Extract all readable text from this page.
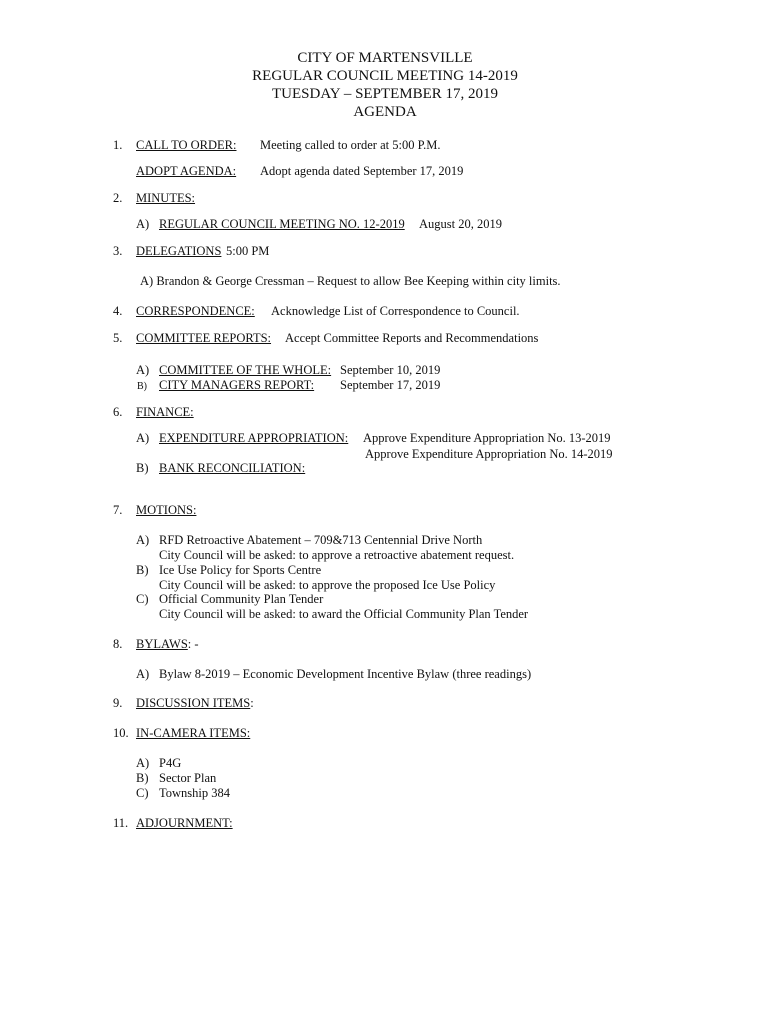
CITY OF MARTENSVILLE
REGULAR COUNCIL MEETING 14-2019
TUESDAY – SEPTEMBER 17, 2019
AGENDA
1. CALL TO ORDER: Meeting called to order at 5:00 P.M.
ADOPT AGENDA: Adopt agenda dated September 17, 2019
2. MINUTES:
A) REGULAR COUNCIL MEETING NO. 12-2019 August 20, 2019
3. DELEGATIONS 5:00 PM
A) Brandon & George Cressman – Request to allow Bee Keeping within city limits.
4. CORRESPONDENCE: Acknowledge List of Correspondence to Council.
5. COMMITTEE REPORTS: Accept Committee Reports and Recommendations
A) COMMITTEE OF THE WHOLE: September 10, 2019
B) CITY MANAGERS REPORT: September 17, 2019
6. FINANCE:
A) EXPENDITURE APPROPRIATION: Approve Expenditure Appropriation No. 13-2019
Approve Expenditure Appropriation No. 14-2019
B) BANK RECONCILIATION:
7. MOTIONS:
A) RFD Retroactive Abatement – 709&713 Centennial Drive North
City Council will be asked: to approve a retroactive abatement request.
B) Ice Use Policy for Sports Centre
City Council will be asked: to approve the proposed Ice Use Policy
C) Official Community Plan Tender
City Council will be asked: to award the Official Community Plan Tender
8. BYLAWS: -
A) Bylaw 8-2019 – Economic Development Incentive Bylaw (three readings)
9. DISCUSSION ITEMS:
10. IN-CAMERA ITEMS:
A) P4G
B) Sector Plan
C) Township 384
11. ADJOURNMENT:
